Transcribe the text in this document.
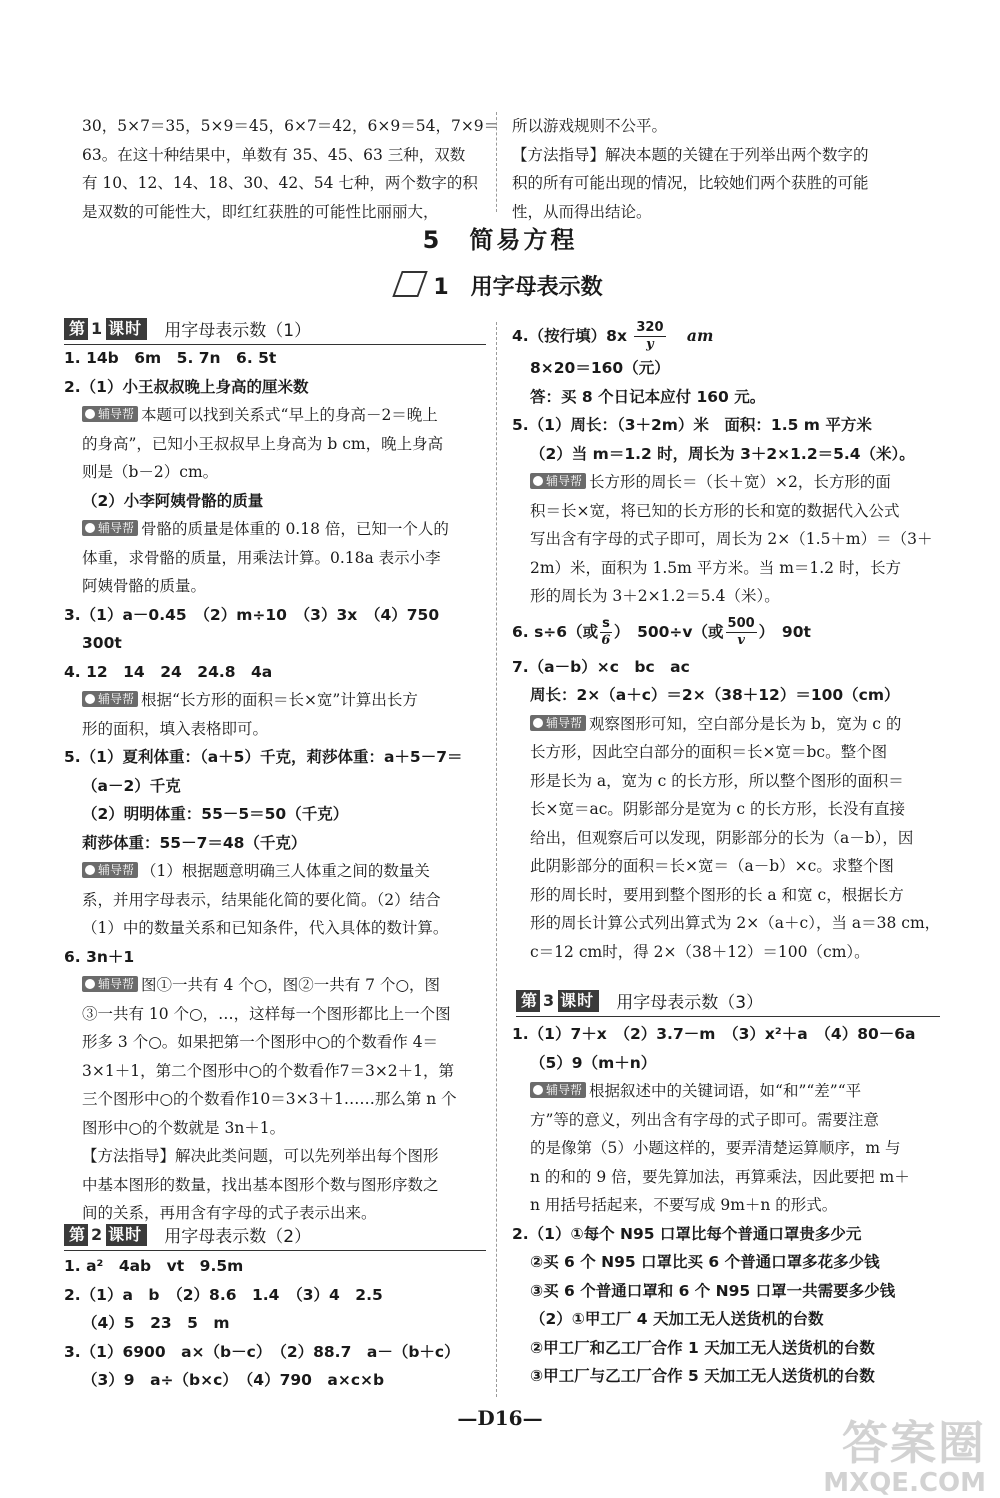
30，5×7＝35，5×9＝45，6×7＝42，6×9＝54，7×9＝
63。在这十种结果中，单数有 35、45、63 三种，双数
有 10、12、14、18、30、42、54 七种，两个数字的积
是双数的可能性大，即红红获胜的可能性比丽丽大，
所以游戏规则不公平。
【方法指导】解决本题的关键在于列举出两个数字的
积的所有可能出现的情况，比较她们两个获胜的可能
性，从而得出结论。
5　简易方程
1　用字母表示数
第 1 课时 用字母表示数（1）
1. 14b　6m　5. 7n　6. 5t
2.（1）小王叔叔晚上身高的厘米数
辅导帮 本题可以找到关系式“早上的身高－2＝晚上
的身高”，已知小王叔叔早上身高为 b cm，晚上身高
则是（b－2）cm。
（2）小李阿姨骨骼的质量
辅导帮 骨骼的质量是体重的 0.18 倍，已知一个人的
体重，求骨骼的质量，用乘法计算。0.18a 表示小李
阿姨骨骼的质量。
3.（1）a－0.45　（2）m÷10　（3）3x　（4）750
300t
4. 12　14　24　24.8　4a
辅导帮 根据“长方形的面积＝长×宽”计算出长方
形的面积，填入表格即可。
5.（1）夏利体重：（a＋5）千克，莉莎体重：a＋5－7＝
（a－2）千克
（2）明明体重：55－5＝50（千克）
莉莎体重：55－7＝48（千克）
辅导帮 （1）根据题意明确三人体重之间的数量关
系，并用字母表示，结果能化简的要化简。（2）结合
（1）中的数量关系和已知条件，代入具体的数计算。
6. 3n＋1
辅导帮 图①一共有 4 个○，图②一共有 7 个○，图
③一共有 10 个○，…，这样每一个图形都比上一个图
形多 3 个○。如果把第一个图形中○的个数看作 4＝
3×1＋1，第二个图形中○的个数看作7＝3×2＋1，第
三个图形中○的个数看作10＝3×3＋1……那么第 n 个
图形中○的个数就是 3n＋1。
【方法指导】解决此类问题，可以先列举出每个图形
中基本图形的数量，找出基本图形个数与图形序数之
间的关系，再用含有字母的式子表示出来。
第 2 课时 用字母表示数（2）
1. a²　4ab　vt　9.5m
2.（1）a　b　（2）8.6　1.4　（3）4　2.5
（4）5　23　5　m
3.（1）6900　a×（b－c）　（2）88.7　a－（b＋c）
（3）9　a÷（b×c）　（4）790　a×c×b
4.（按行填）$8x \frac{320}{y}$ am
8×20＝160（元）
答：买 8 个日记本应付 160 元。
5.（1）周长：（3＋2m）米　面积：1.5 m 平方米
（2）当 m＝1.2 时，周长为 3＋2×1.2＝5.4（米）。
辅导帮 长方形的周长＝（长＋宽）×2，长方形的面
积＝长×宽，将已知的长方形的长和宽的数据代入公式
写出含有字母的式子即可，周长为 2×（1.5＋m）＝（3＋
2m）米，面积为 1.5m 平方米。当 m＝1.2 时，长方
形的周长为 3＋2×1.2＝5.4（米）。
6. s÷6（或 $\frac{s}{6}$ ）　500÷v（或 $\frac{500}{v}$ ）　90t
7.（a－b）×c　bc　ac
周长：2×（a＋c）＝2×（38＋12）＝100（cm）
辅导帮 观察图形可知，空白部分是长为 b，宽为 c 的
长方形，因此空白部分的面积＝长×宽＝bc。整个图
形是长为 a，宽为 c 的长方形，所以整个图形的面积＝
长×宽＝ac。阴影部分是宽为 c 的长方形，长没有直接
给出，但观察后可以发现，阴影部分的长为（a－b），因
此阴影部分的面积＝长×宽＝（a－b）×c。求整个图
形的周长时，要用到整个图形的长 a 和宽 c，根据长方
形的周长计算公式列出算式为 2×（a＋c），当 a＝38 cm，
c＝12 cm时，得 2×（38＋12）＝100（cm）。
第 3 课时 用字母表示数（3）
1.（1）7＋x　（2）3.7－m　（3）x²＋a　（4）80－6a
（5）9（m＋n）
辅导帮 根据叙述中的关键词语，如“和”“差”“平
方”等的意义，列出含有字母的式子即可。需要注意
的是像第（5）小题这样的，要弄清楚运算顺序，m 与
n 的和的 9 倍，要先算加法，再算乘法，因此要把 m＋
n 用括号括起来，不要写成 9m＋n 的形式。
2.（1）①每个 N95 口罩比每个普通口罩贵多少元
②买 6 个 N95 口罩比买 6 个普通口罩多花多少钱
③买 6 个普通口罩和 6 个 N95 口罩一共需要多少钱
（2）①甲工厂 4 天加工无人送货机的台数
②甲工厂和乙工厂合作 1 天加工无人送货机的台数
③甲工厂与乙工厂合作 5 天加工无人送货机的台数
—D16—	答案圈
MXQE.COM
